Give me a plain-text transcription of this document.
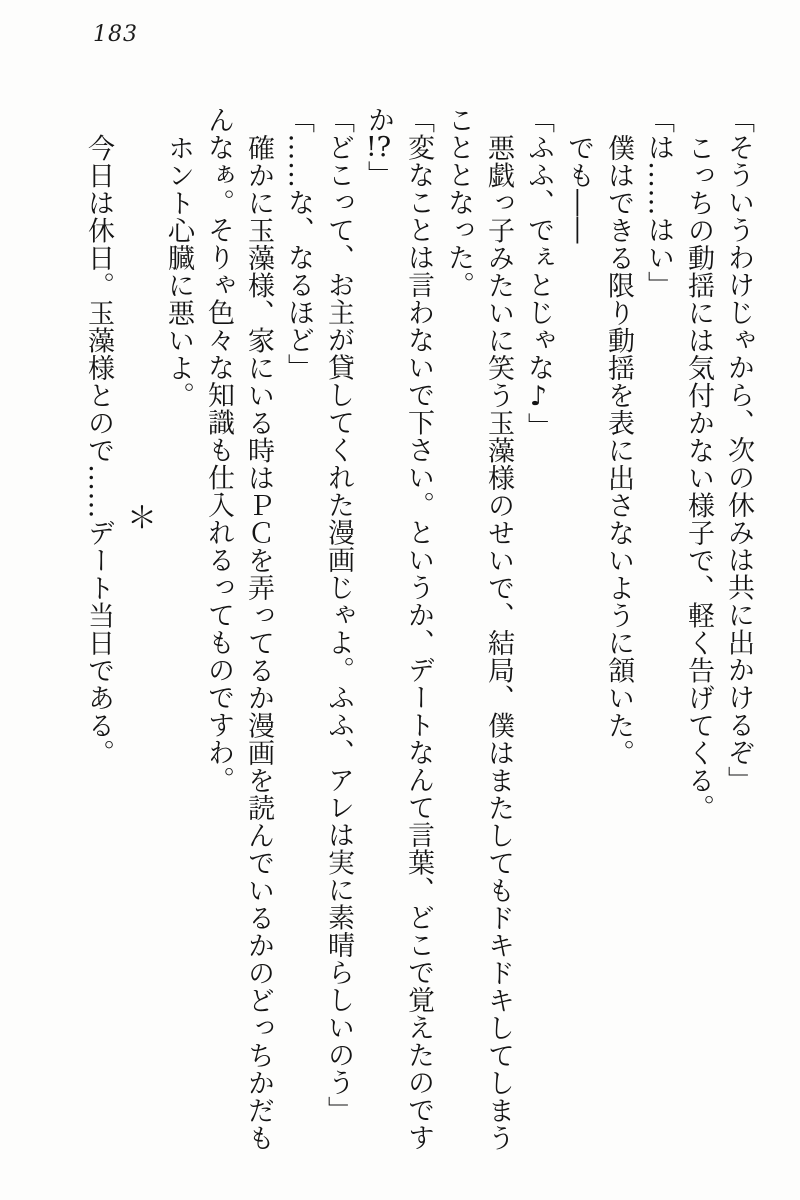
183

「そういうわけじゃから、次の休みは共に出かけるぞ」

こっちの動揺には気付かない様子で、軽く告げてくる。

「は……はい」

僕はできる限り動揺を表に出さないように頷いた。

でも――

「ふふ、でぇとじゃな♪」

悪戯っ子みたいに笑う玉藻様のせいで、結局、僕はまたしてもドキドキしてしまう

こととなった。

「変なことは言わないで下さい。というか、デートなんて言葉、どこで覚えたのです

か!?」

「どこって、お主が貸してくれた漫画じゃよ。ふふ、アレは実に素晴らしいのう」

「……な、なるほど」

確かに玉藻様、家にいる時はＰＣを弄ってるか漫画を読んでいるかのどっちかだも

んなぁ。そりゃ色々な知識も仕入れるってものですわ。

ホント心臓に悪いよ。

＊

今日は休日。玉藻様とので……デート当日である。
